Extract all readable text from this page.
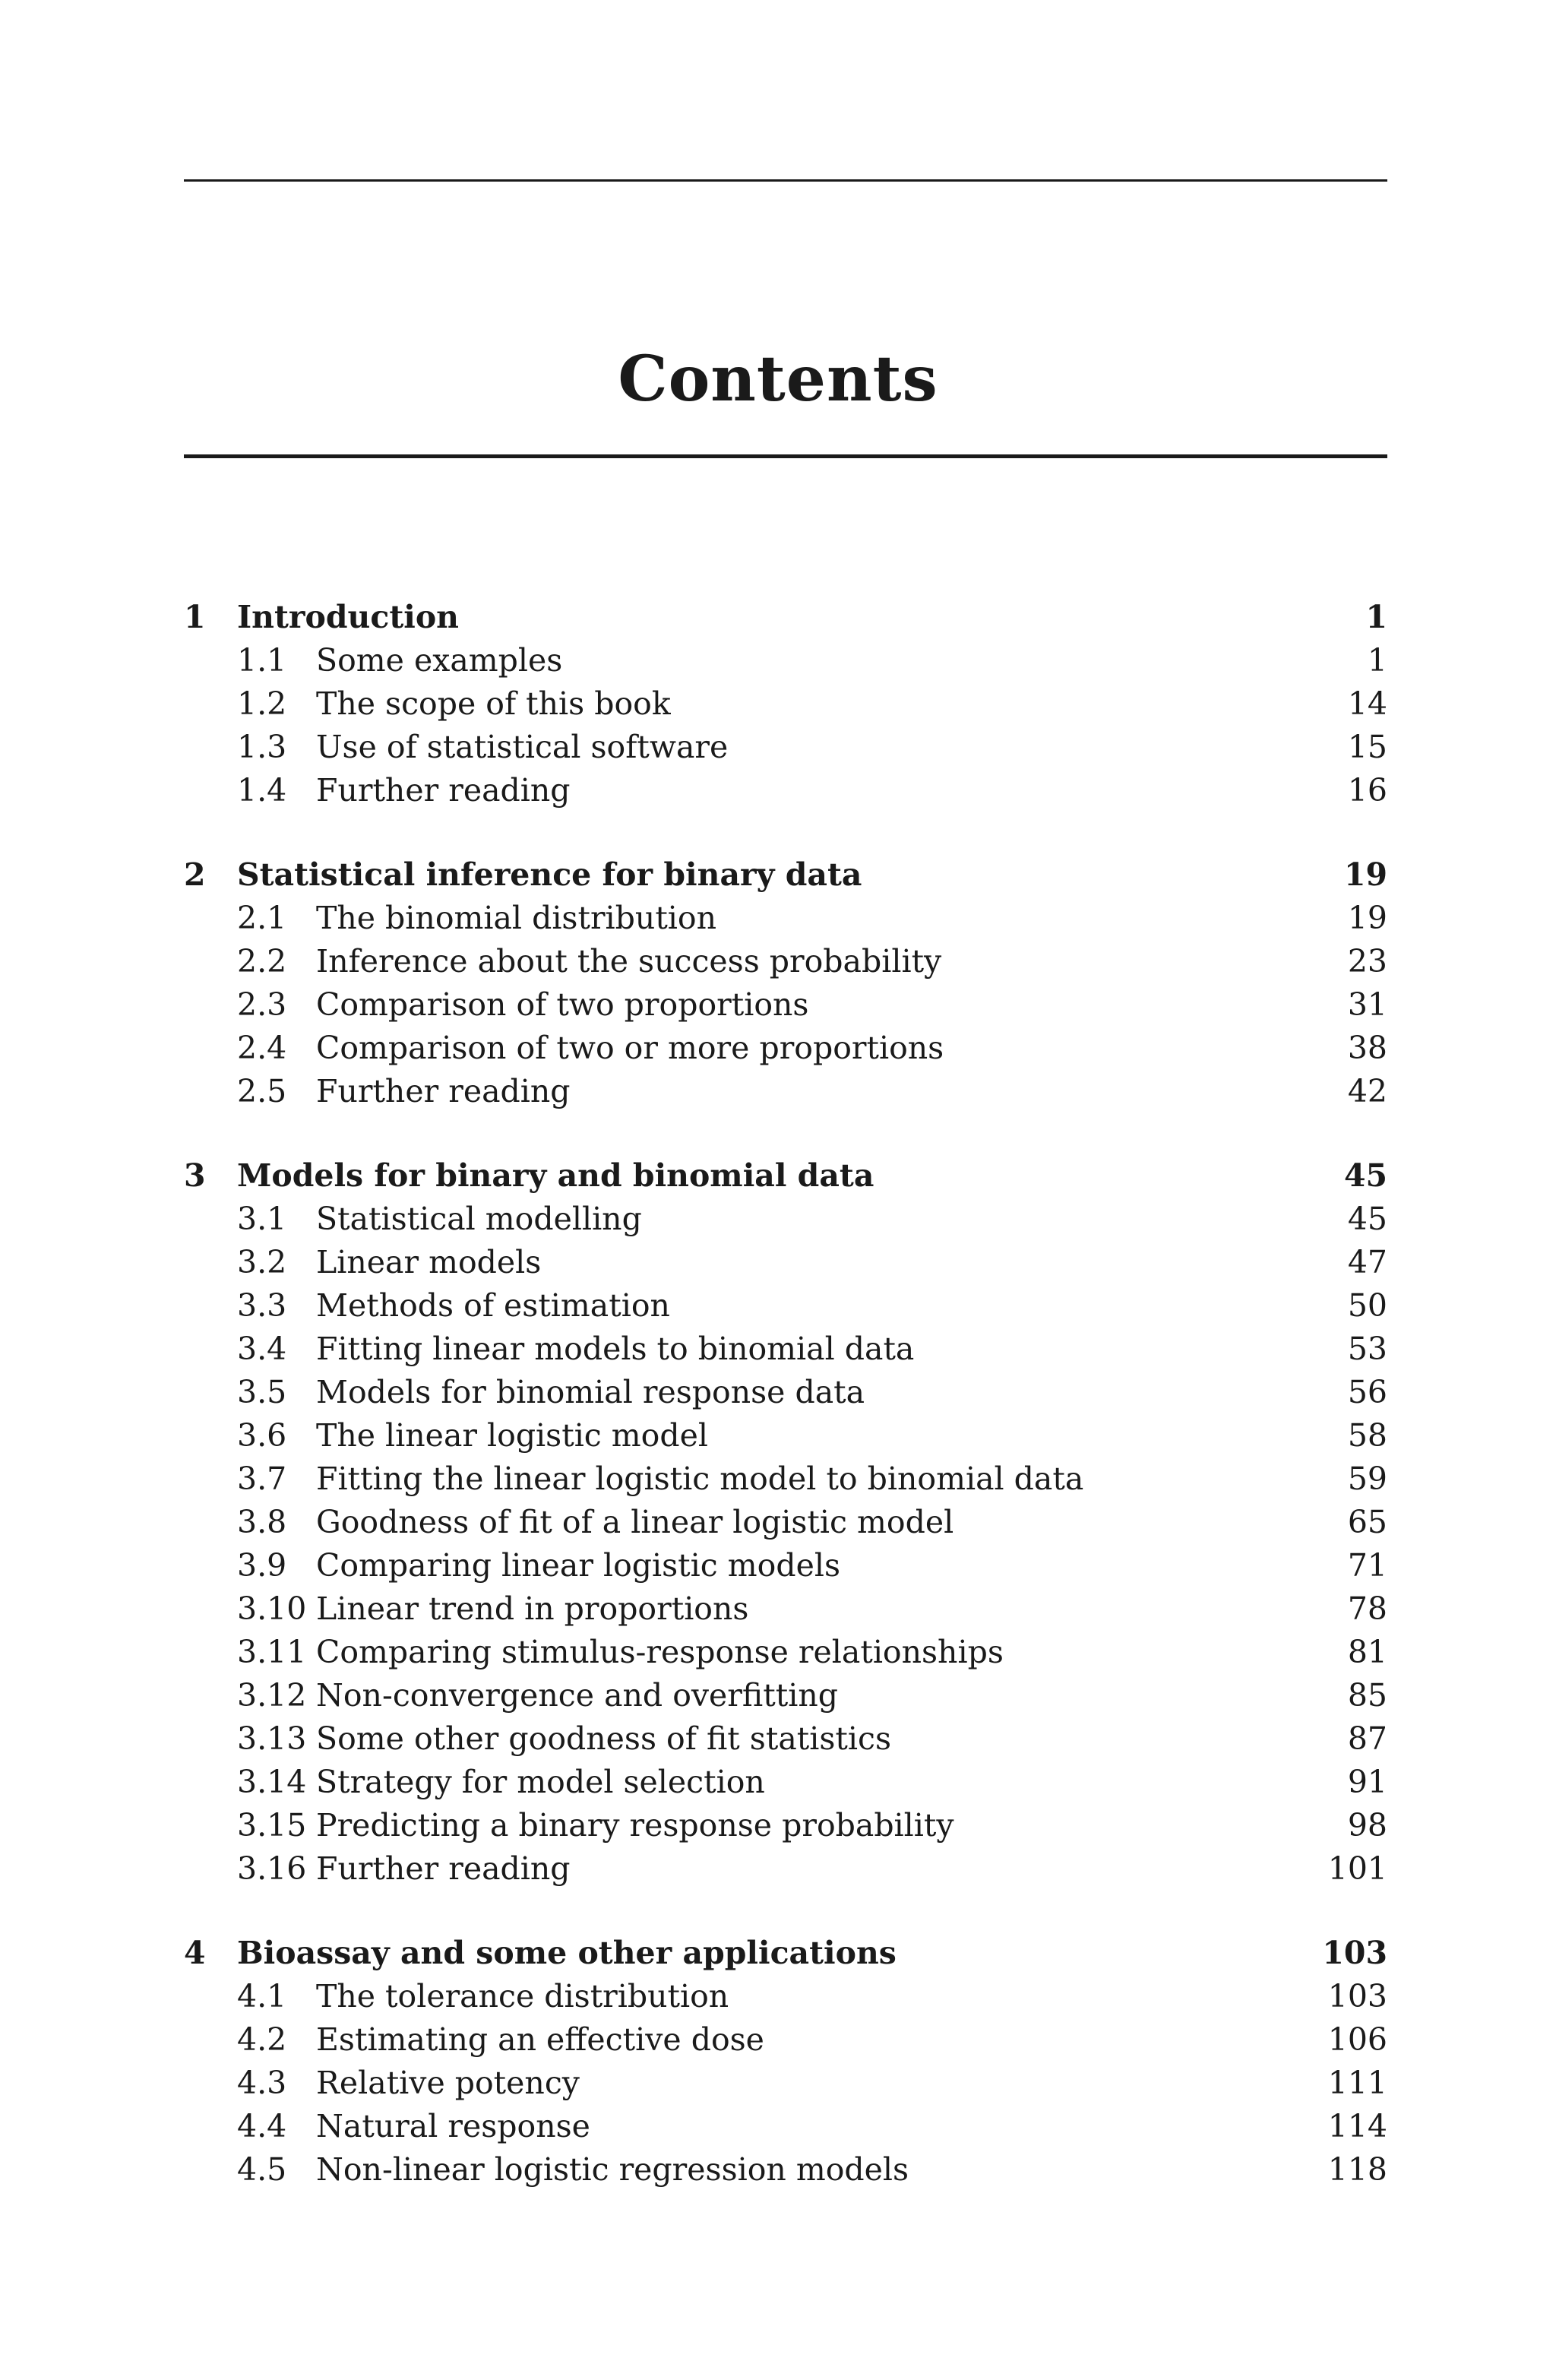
Contents
1 Introduction	1
1.1 Some examples	1
1.2 The scope of this book	14
1.3 Use of statistical software	15
1.4 Further reading	16
2 Statistical inference for binary data	19
2.1 The binomial distribution	19
2.2 Inference about the success probability	23
2.3 Comparison of two proportions	31
2.4 Comparison of two or more proportions	38
2.5 Further reading	42
3 Models for binary and binomial data	45
3.1 Statistical modelling	45
3.2 Linear models	47
3.3 Methods of estimation	50
3.4 Fitting linear models to binomial data	53
3.5 Models for binomial response data	56
3.6 The linear logistic model	58
3.7 Fitting the linear logistic model to binomial data	59
3.8 Goodness of fit of a linear logistic model	65
3.9 Comparing linear logistic models	71
3.10 Linear trend in proportions	78
3.11 Comparing stimulus-response relationships	81
3.12 Non-convergence and overfitting	85
3.13 Some other goodness of fit statistics	87
3.14 Strategy for model selection	91
3.15 Predicting a binary response probability	98
3.16 Further reading	101
4 Bioassay and some other applications	103
4.1 The tolerance distribution	103
4.2 Estimating an effective dose	106
4.3 Relative potency	111
4.4 Natural response	114
4.5 Non-linear logistic regression models	118
